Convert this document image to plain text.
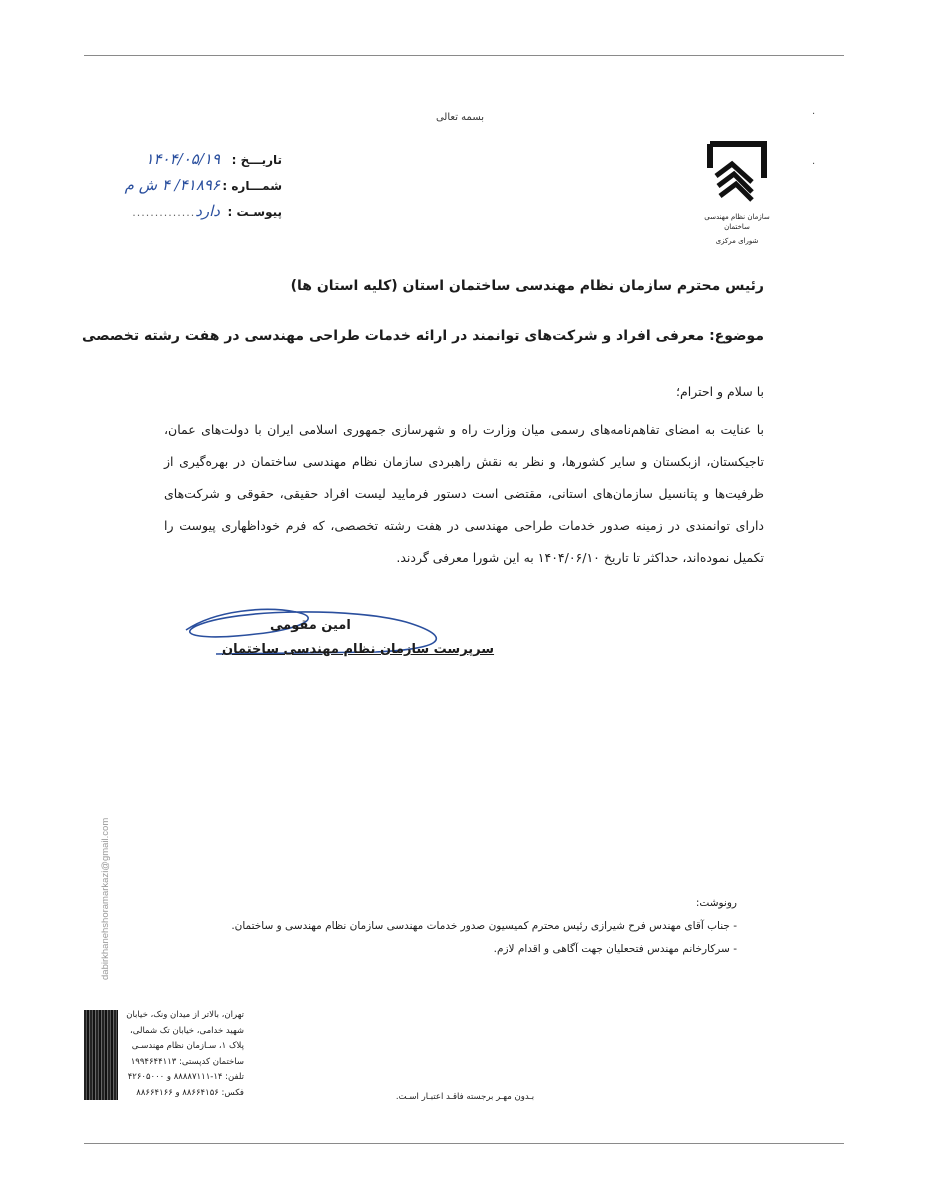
·
·
بسمه تعالی
سازمان نظام مهندسی ساختمان
شورای مرکزی
تاریـــخ :
۱۴۰۴/۰۵/۱۹
شمـــاره :
۴۱۸۹۶/ ۴ ش م
پیوسـت :
دارد
..............
رئیس محترم سازمان نظام مهندسی ساختمان استان (کلیه استان ها)
موضوع: معرفی افراد و شرکت‌های توانمند در ارائه خدمات طراحی مهندسی در هفت رشته تخصصی
با سلام و احترام؛
با عنایت به امضای تفاهم‌نامه‌های رسمی میان وزارت راه و شهرسازی جمهوری اسلامی ایران با دولت‌های عمان، تاجیکستان، ازبکستان و سایر کشورها، و نظر به نقش راهبردی سازمان نظام مهندسی ساختمان در بهره‌گیری از ظرفیت‌ها و پتانسیل سازمان‌های استانی، مقتضی است دستور فرمایید لیست افراد حقیقی، حقوقی و شرکت‌های دارای توانمندی در زمینه صدور خدمات طراحی مهندسی در هفت رشته تخصصی، که فرم خوداظهاری پیوست را تکمیل نموده‌اند، حداکثر تا تاریخ ۱۴۰۴/۰۶/۱۰ به این شورا معرفی گردند.
امین مقومی
سرپرست سازمان نظام مهندسی ساختمان
رونوشت:
- جناب آقای مهندس فرح شیرازی رئیس محترم کمیسیون صدور خدمات مهندسی سازمان نظام مهندسی و ساختمان.
- سرکارخانم مهندس فتحعلیان جهت آگاهی و اقدام لازم.
dabirkhanehshoramarkazi@gmail.com
تهران، بالاتر از میدان ونک، خیابان
شهید خدامی، خیابان تک شمالی،
پلاک ۱، سـازمان نظام مهندسـی
ساختمان کدپستی: ۱۹۹۴۶۴۴۱۱۳
تلفن: ۱۴-۸۸۸۸۷۱۱۱ و ۴۲۶۰۵۰۰۰
فکس: ۸۸۶۶۴۱۵۶ و ۸۸۶۶۴۱۶۶	بـدون مهـر برجسته فاقـد اعتبـار اسـت.
